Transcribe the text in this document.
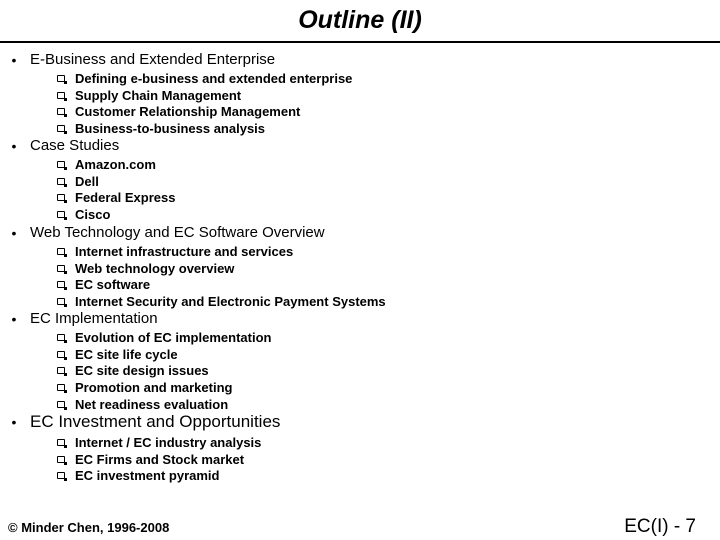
Outline (II)
• E-Business and Extended Enterprise
Defining e-business and extended enterprise
Supply Chain Management
Customer Relationship Management
Business-to-business analysis
• Case Studies
Amazon.com
Dell
Federal Express
Cisco
• Web Technology and EC Software Overview
Internet infrastructure and services
Web technology overview
EC software
Internet Security and Electronic Payment Systems
• EC Implementation
Evolution of EC implementation
EC site life cycle
EC site design issues
Promotion and marketing
Net readiness evaluation
• EC Investment and Opportunities
Internet / EC industry analysis
EC Firms and Stock market
EC investment pyramid
© Minder Chen, 1996-2008	EC(I) - 7
